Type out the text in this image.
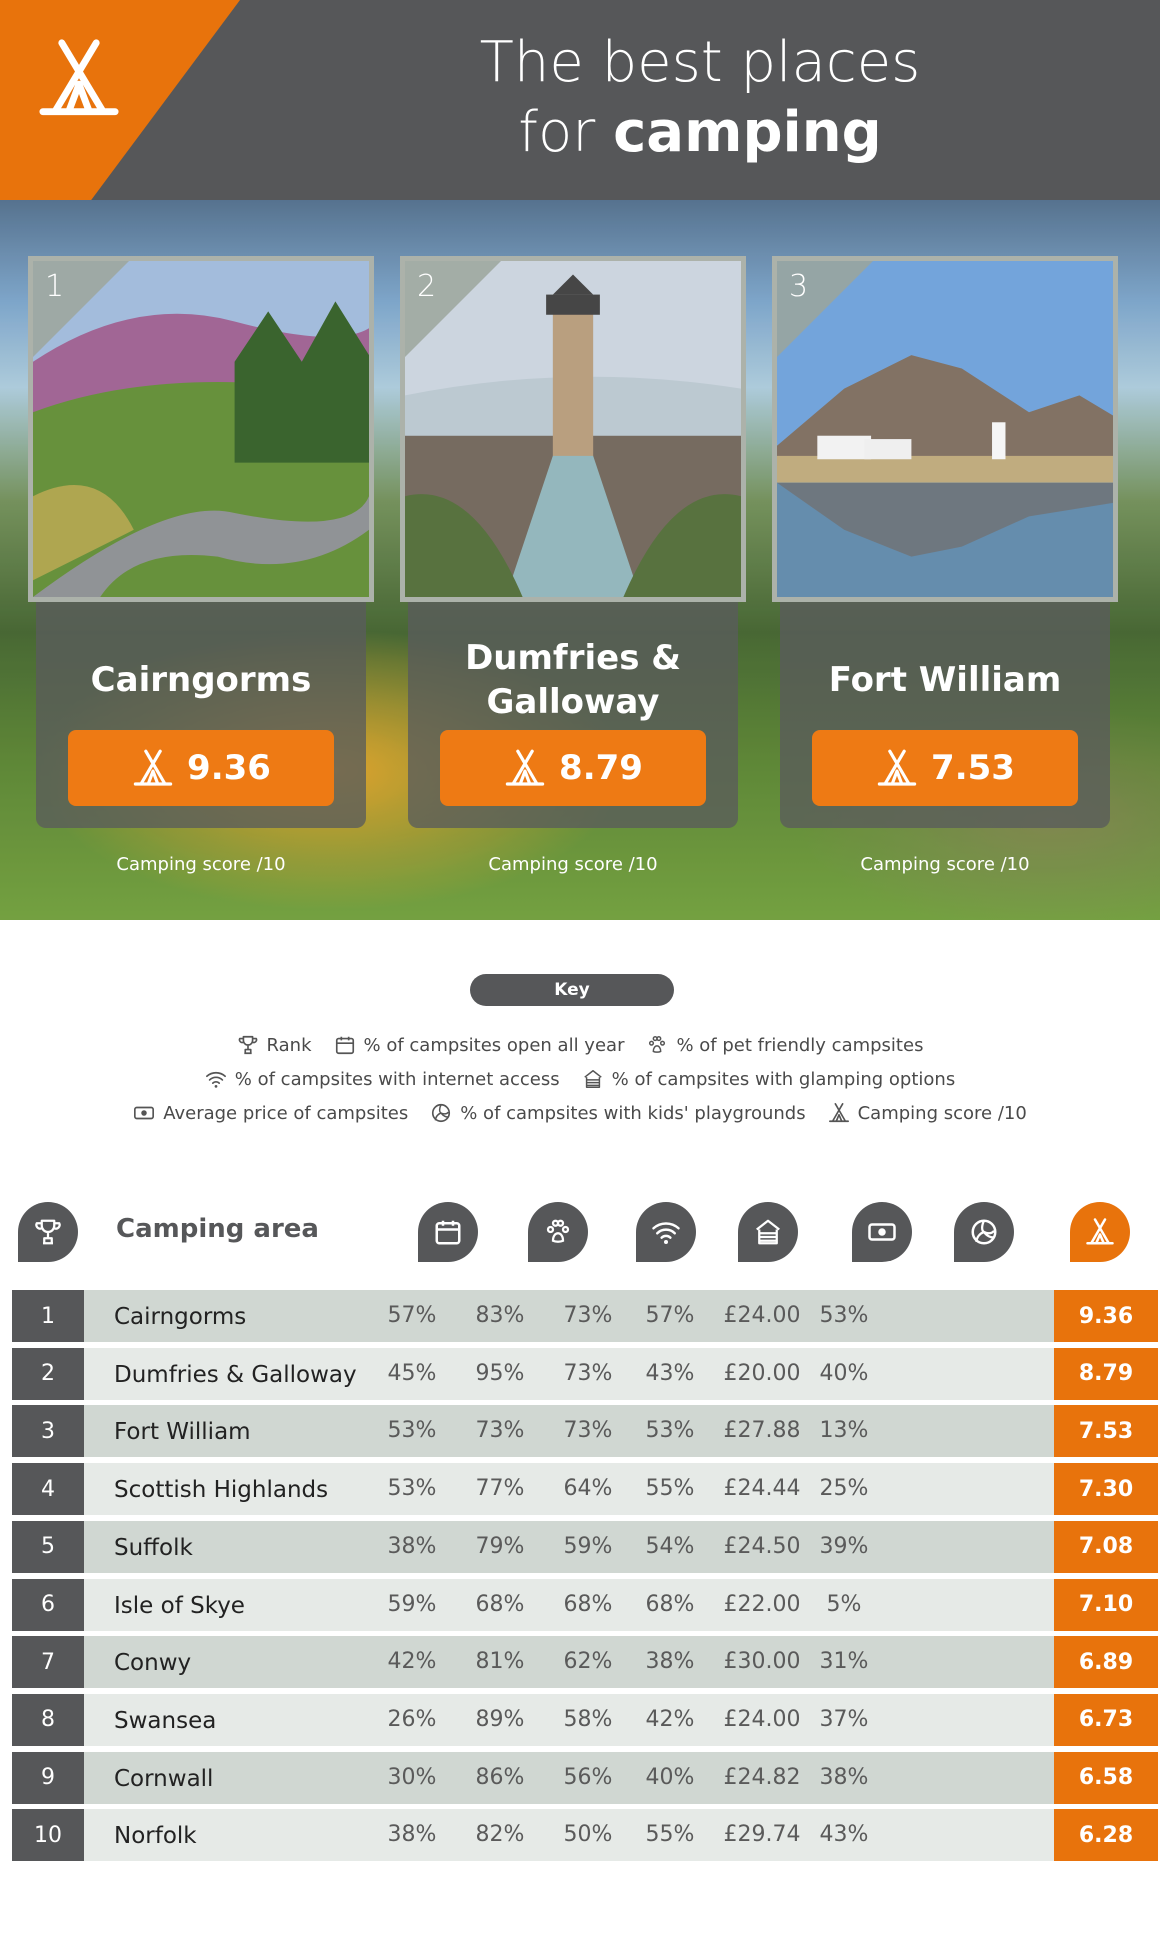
The best places
for camping
1
Cairngorms
9.36
Camping score /10
2
Dumfries &
Galloway
8.79
Camping score /10
3
Fort William
7.53
Camping score /10
Key
Rank	% of campsites open all year	% of pet friendly campsites
% of campsites with internet access	% of campsites with glamping options
Average price of campsites	% of campsites with kids' playgrounds	Camping score /10
Camping area
1	Cairngorms	57%	83%	73%	57%	£24.00 53%	9.36
2	Dumfries & Galloway	45%	95%	73%	43%	£20.00 40%	8.79
3	Fort William	53%	73%	73%	53%	£27.88 13%	7.53
4	Scottish Highlands	53%	77%	64%	55%	£24.44 25%	7.30
5	Suffolk	38%	79%	59%	54%	£24.50 39%	7.08
6	Isle of Skye	59%	68%	68%	68%	£22.00	5%	7.10
7	Conwy	42%	81%	62%	38%	£30.00 31%	6.89
8	Swansea	26%	89%	58%	42%	£24.00 37%	6.73
9	Cornwall	30%	86%	56%	40%	£24.82 38%	6.58
10	Norfolk	38%	82%	50%	55%	£29.74 43%	6.28
